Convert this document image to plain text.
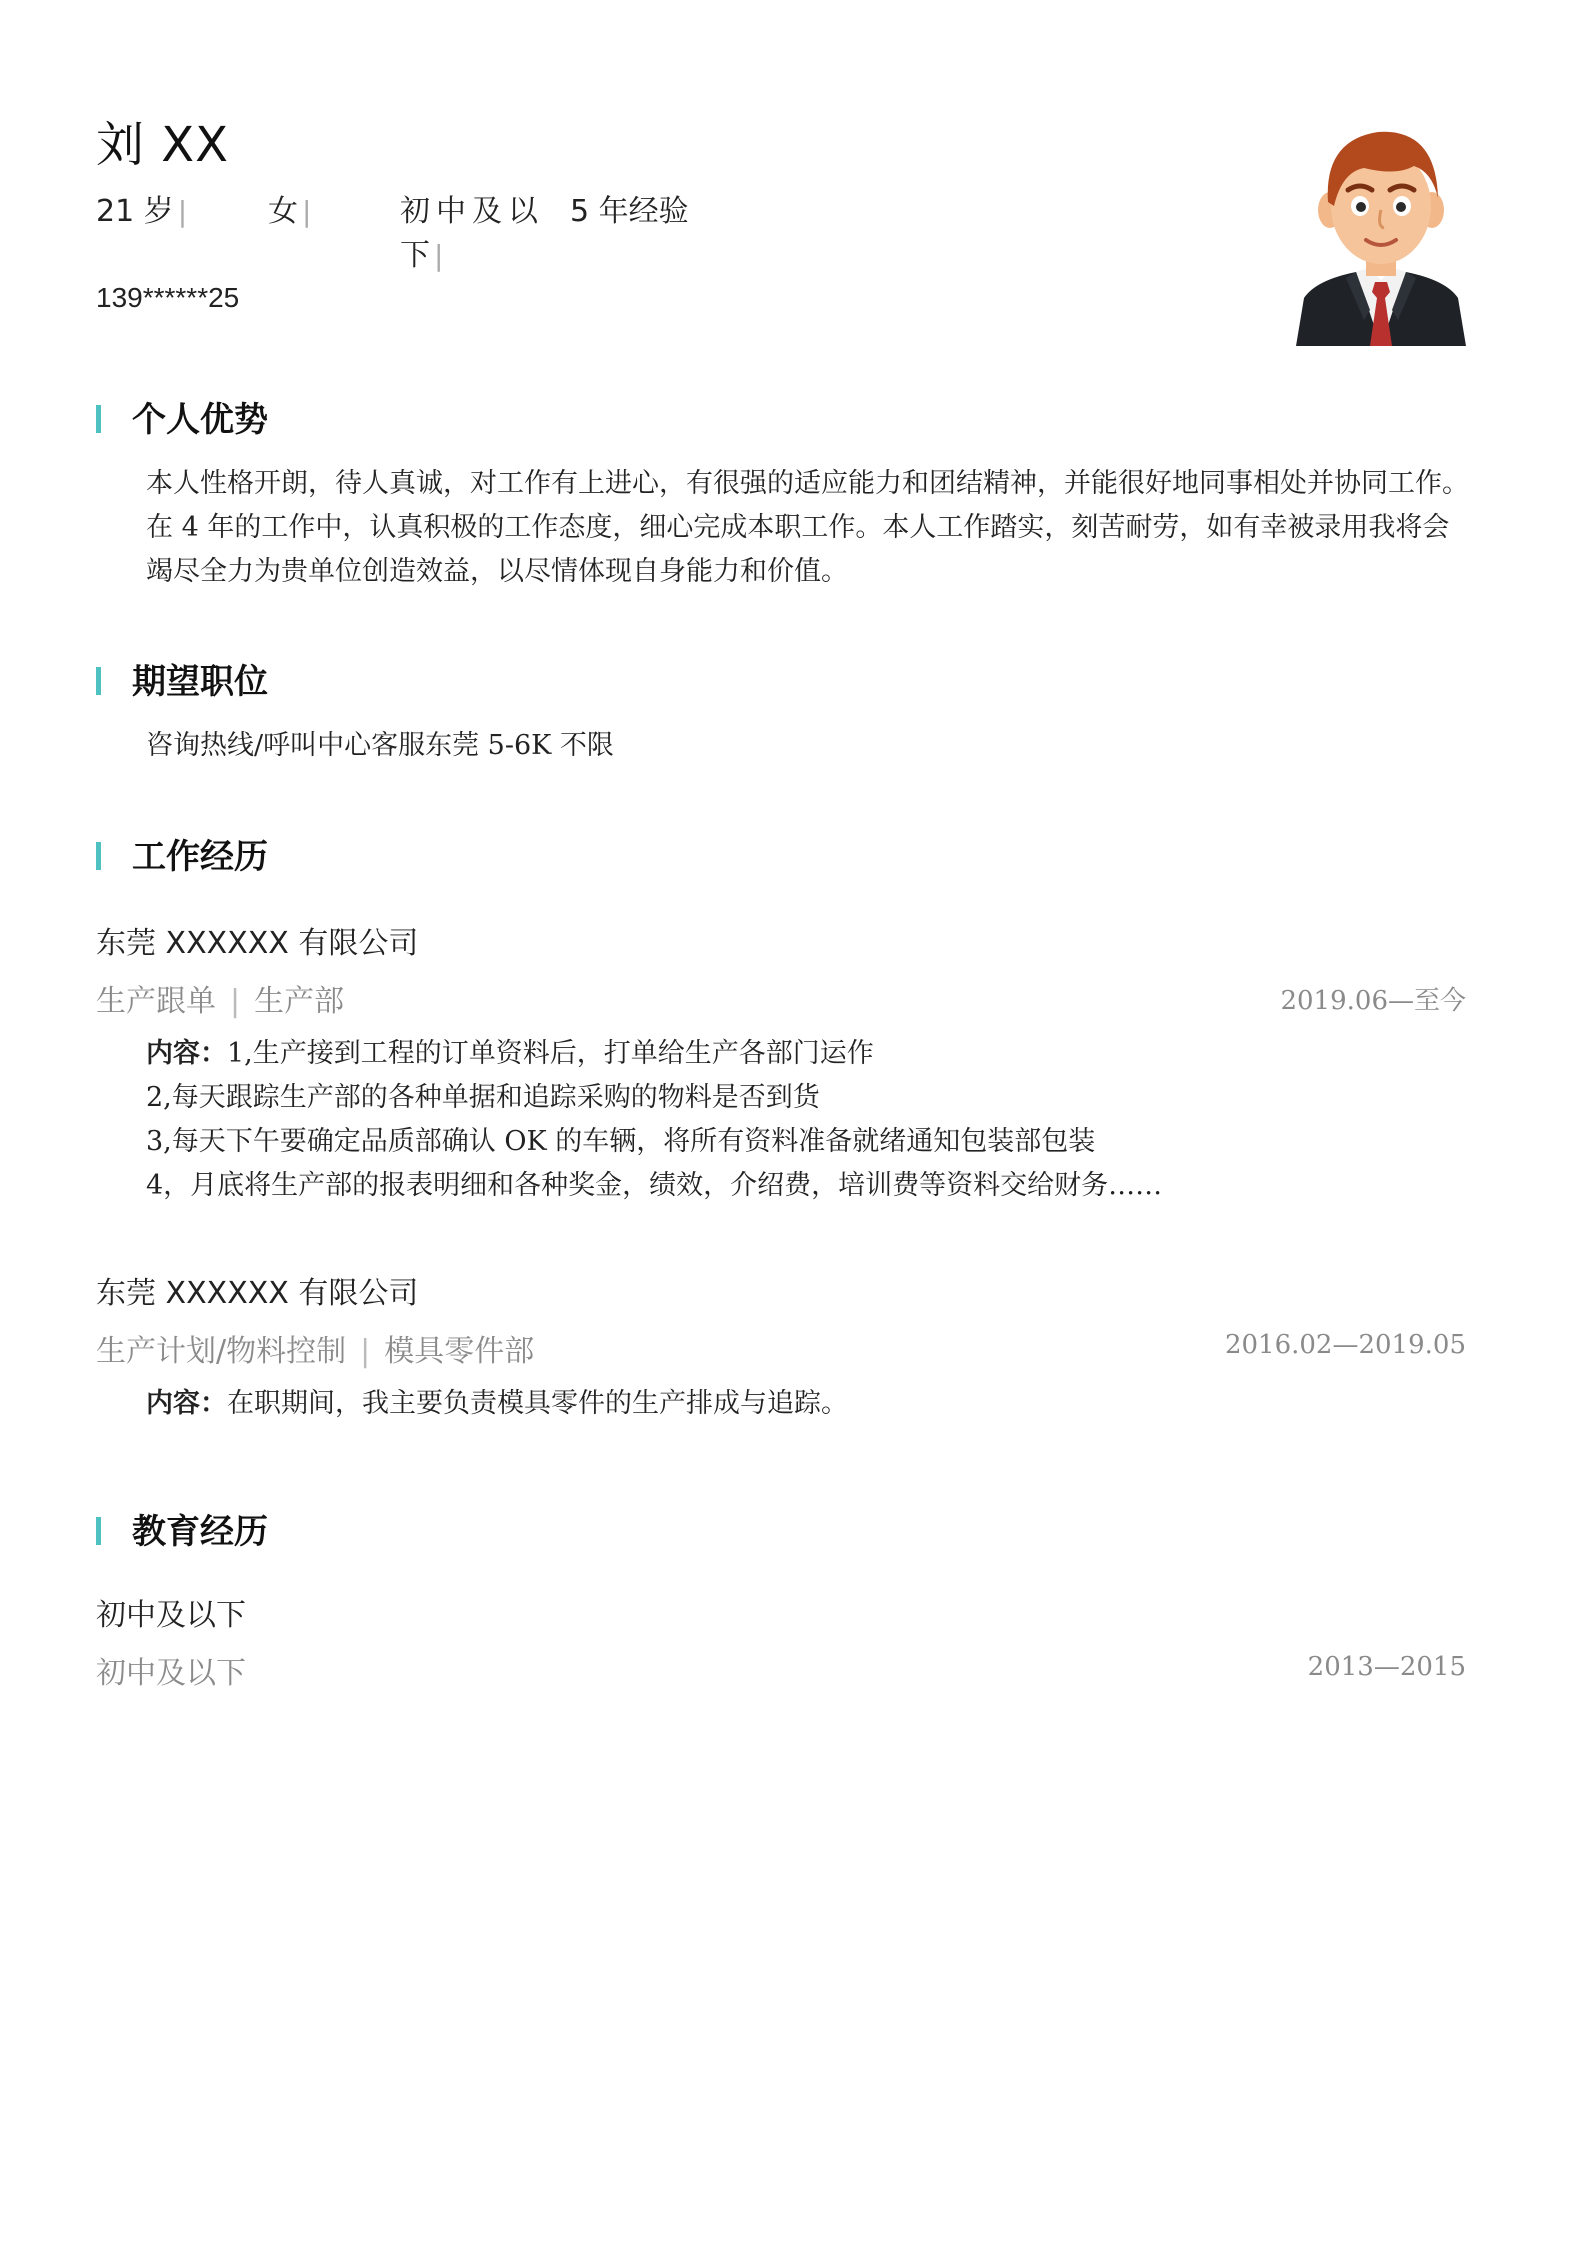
刘 XX
21 岁 |	女 |	初中及以
下 |
5 年经验
139******25
个人优势
本人性格开朗，待人真诚，对工作有上进心，有很强的适应能力和团结精神，并能很好地同事相处并协同工作。
在 4 年的工作中，认真积极的工作态度，细心完成本职工作。本人工作踏实，刻苦耐劳，如有幸被录用我将会
竭尽全力为贵单位创造效益，以尽情体现自身能力和价值。
期望职位
咨询热线/呼叫中心客服东莞 5-6K 不限
工作经历
东莞 XXXXXX 有限公司
生产跟单 | 生产部	2019.06—至今
内容：1,生产接到工程的订单资料后，打单给生产各部门运作
2,每天跟踪生产部的各种单据和追踪采购的物料是否到货
3,每天下午要确定品质部确认 OK 的车辆，将所有资料准备就绪通知包装部包装
4，月底将生产部的报表明细和各种奖金，绩效，介绍费，培训费等资料交给财务……
东莞 XXXXXX 有限公司
生产计划/物料控制 | 模具零件部	2016.02—2019.05
内容：在职期间，我主要负责模具零件的生产排成与追踪。
教育经历
初中及以下
初中及以下	2013—2015
